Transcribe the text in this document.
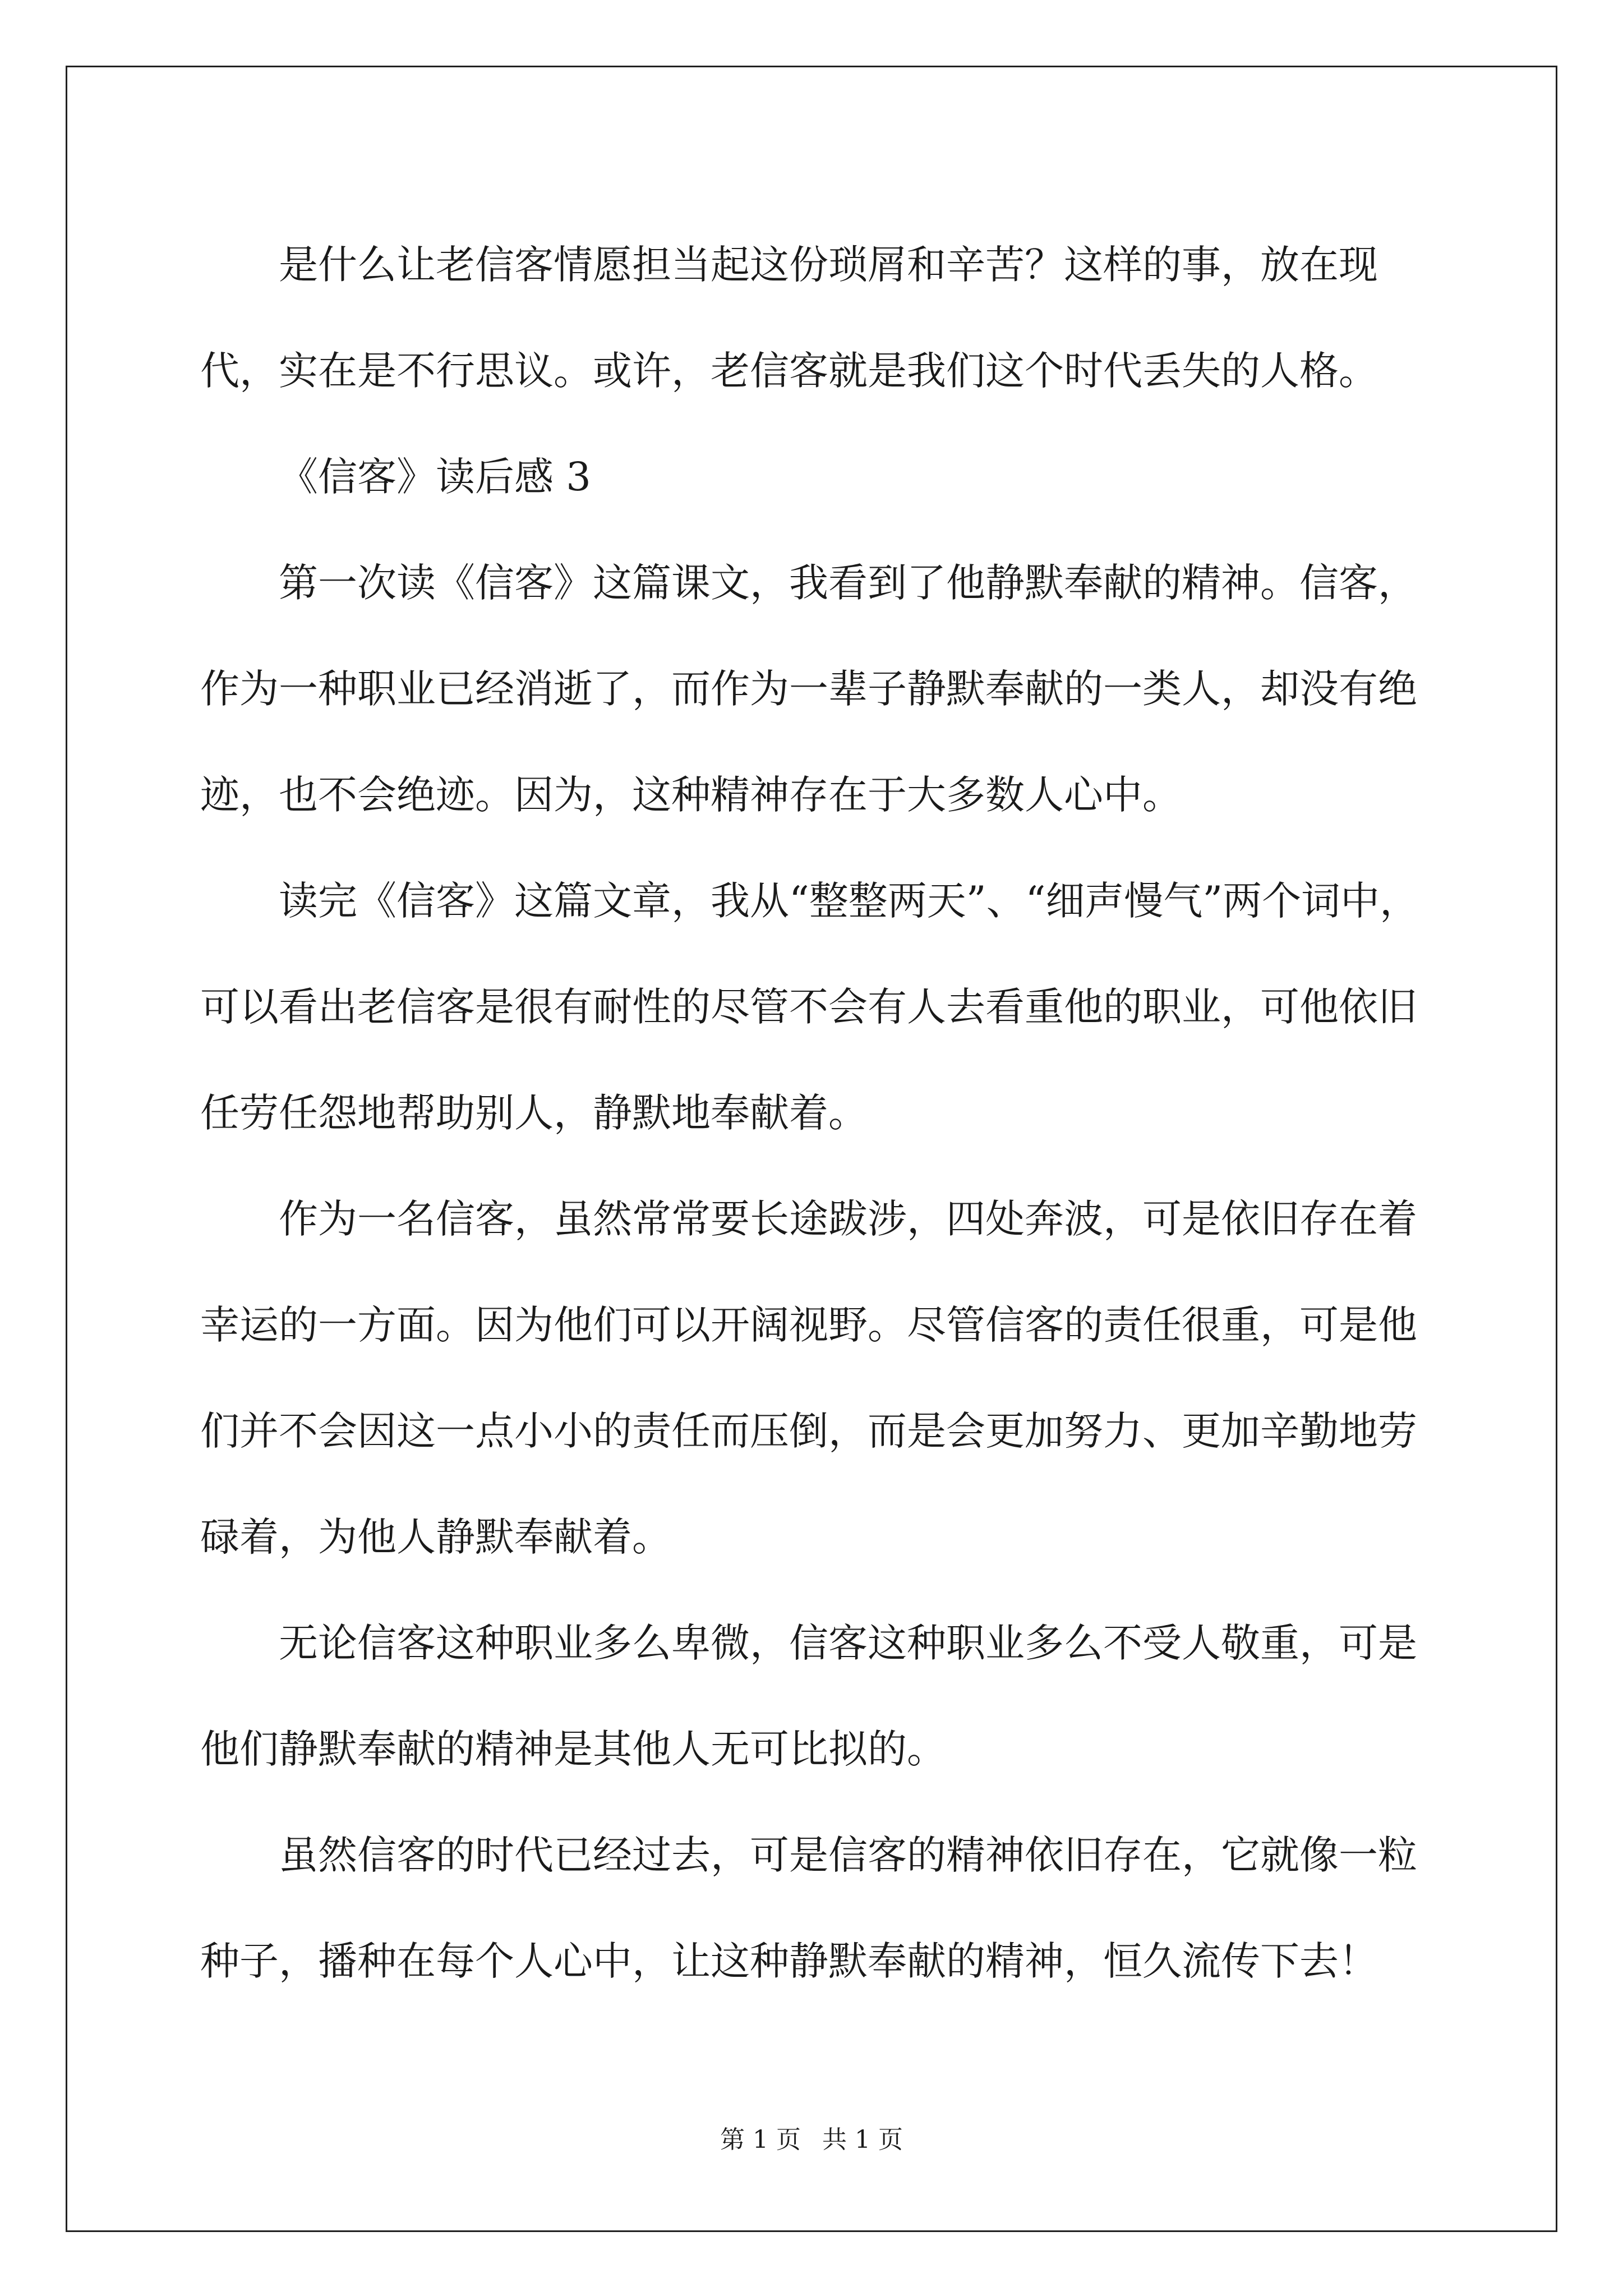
是什么让老信客情愿担当起这份琐屑和辛苦？这样的事，放在现代，实在是不行思议。或许，老信客就是我们这个时代丢失的人格。

《信客》读后感 3

第一次读《信客》这篇课文，我看到了他静默奉献的精神。信客，作为一种职业已经消逝了，而作为一辈子静默奉献的一类人，却没有绝迹，也不会绝迹。因为，这种精神存在于大多数人心中。

读完《信客》这篇文章，我从“整整两天”、“细声慢气”两个词中，可以看出老信客是很有耐性的尽管不会有人去看重他的职业，可他依旧任劳任怨地帮助别人，静默地奉献着。

作为一名信客，虽然常常要长途跋涉，四处奔波，可是依旧存在着幸运的一方面。因为他们可以开阔视野。尽管信客的责任很重，可是他们并不会因这一点小小的责任而压倒，而是会更加努力、更加辛勤地劳碌着，为他人静默奉献着。

无论信客这种职业多么卑微，信客这种职业多么不受人敬重，可是他们静默奉献的精神是其他人无可比拟的。

虽然信客的时代已经过去，可是信客的精神依旧存在，它就像一粒种子，播种在每个人心中，让这种静默奉献的精神，恒久流传下去！

第 1 页 共 1 页
